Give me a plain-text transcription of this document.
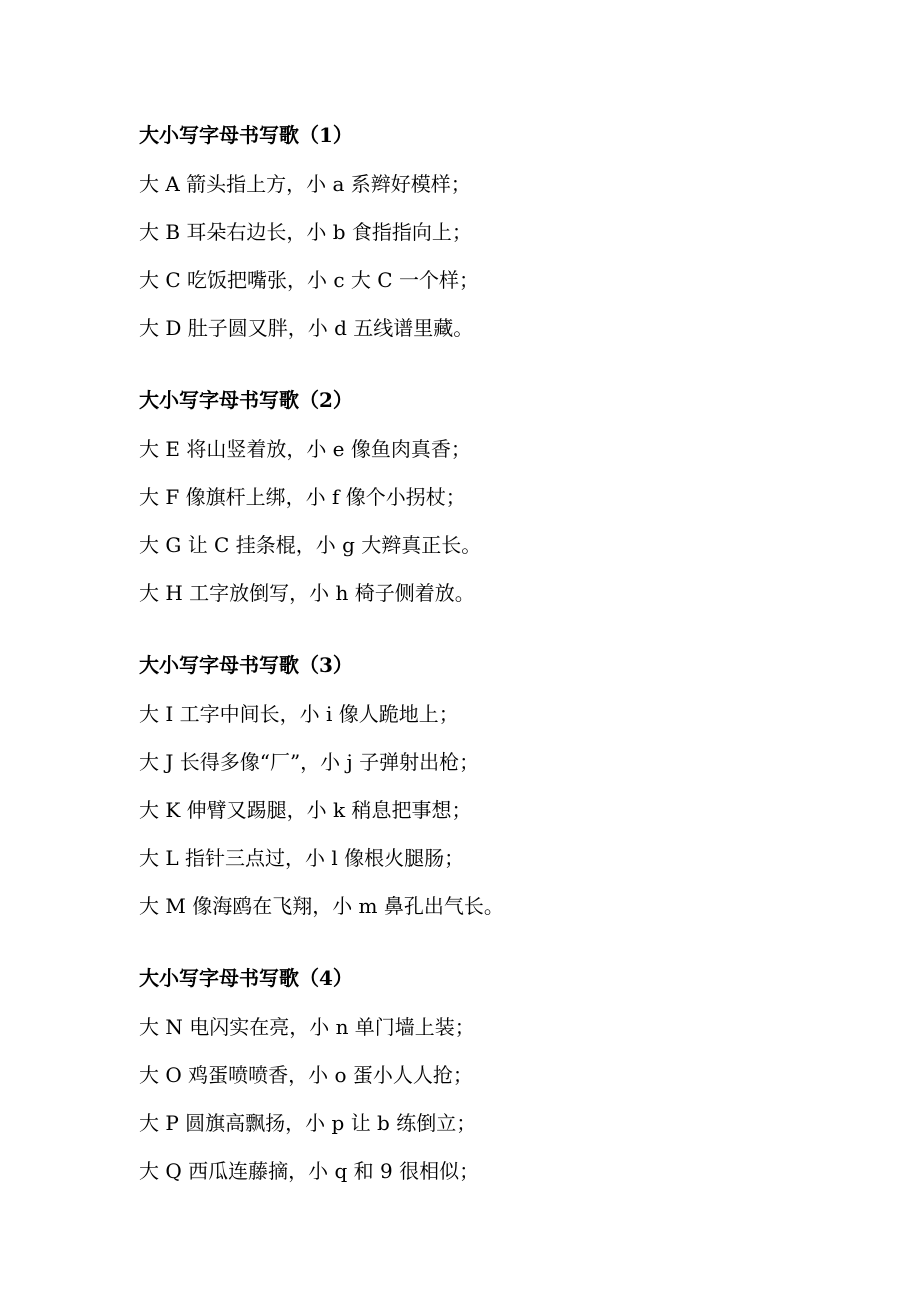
大小写字母书写歌（1）
大 A 箭头指上方，小 a 系辫好模样；
大 B 耳朵右边长，小 b 食指指向上；
大 C 吃饭把嘴张，小 c 大 C 一个样；
大 D 肚子圆又胖，小 d 五线谱里藏。
大小写字母书写歌（2）
大 E 将山竖着放，小 e 像鱼肉真香；
大 F 像旗杆上绑，小 f 像个小拐杖；
大 G 让 C 挂条棍，小 g 大辫真正长。
大 H 工字放倒写，小 h 椅子侧着放。
大小写字母书写歌（3）
大 I 工字中间长，小 i 像人跪地上；
大 J 长得多像“厂”，小 j 子弹射出枪；
大 K 伸臂又踢腿，小 k 稍息把事想；
大 L 指针三点过，小 l 像根火腿肠；
大 M 像海鸥在飞翔，小 m 鼻孔出气长。
大小写字母书写歌（4）
大 N 电闪实在亮，小 n 单门墙上装；
大 O 鸡蛋喷喷香，小 o 蛋小人人抢；
大 P 圆旗高飘扬，小 p 让 b 练倒立；
大 Q 西瓜连藤摘，小 q 和 9 很相似；
